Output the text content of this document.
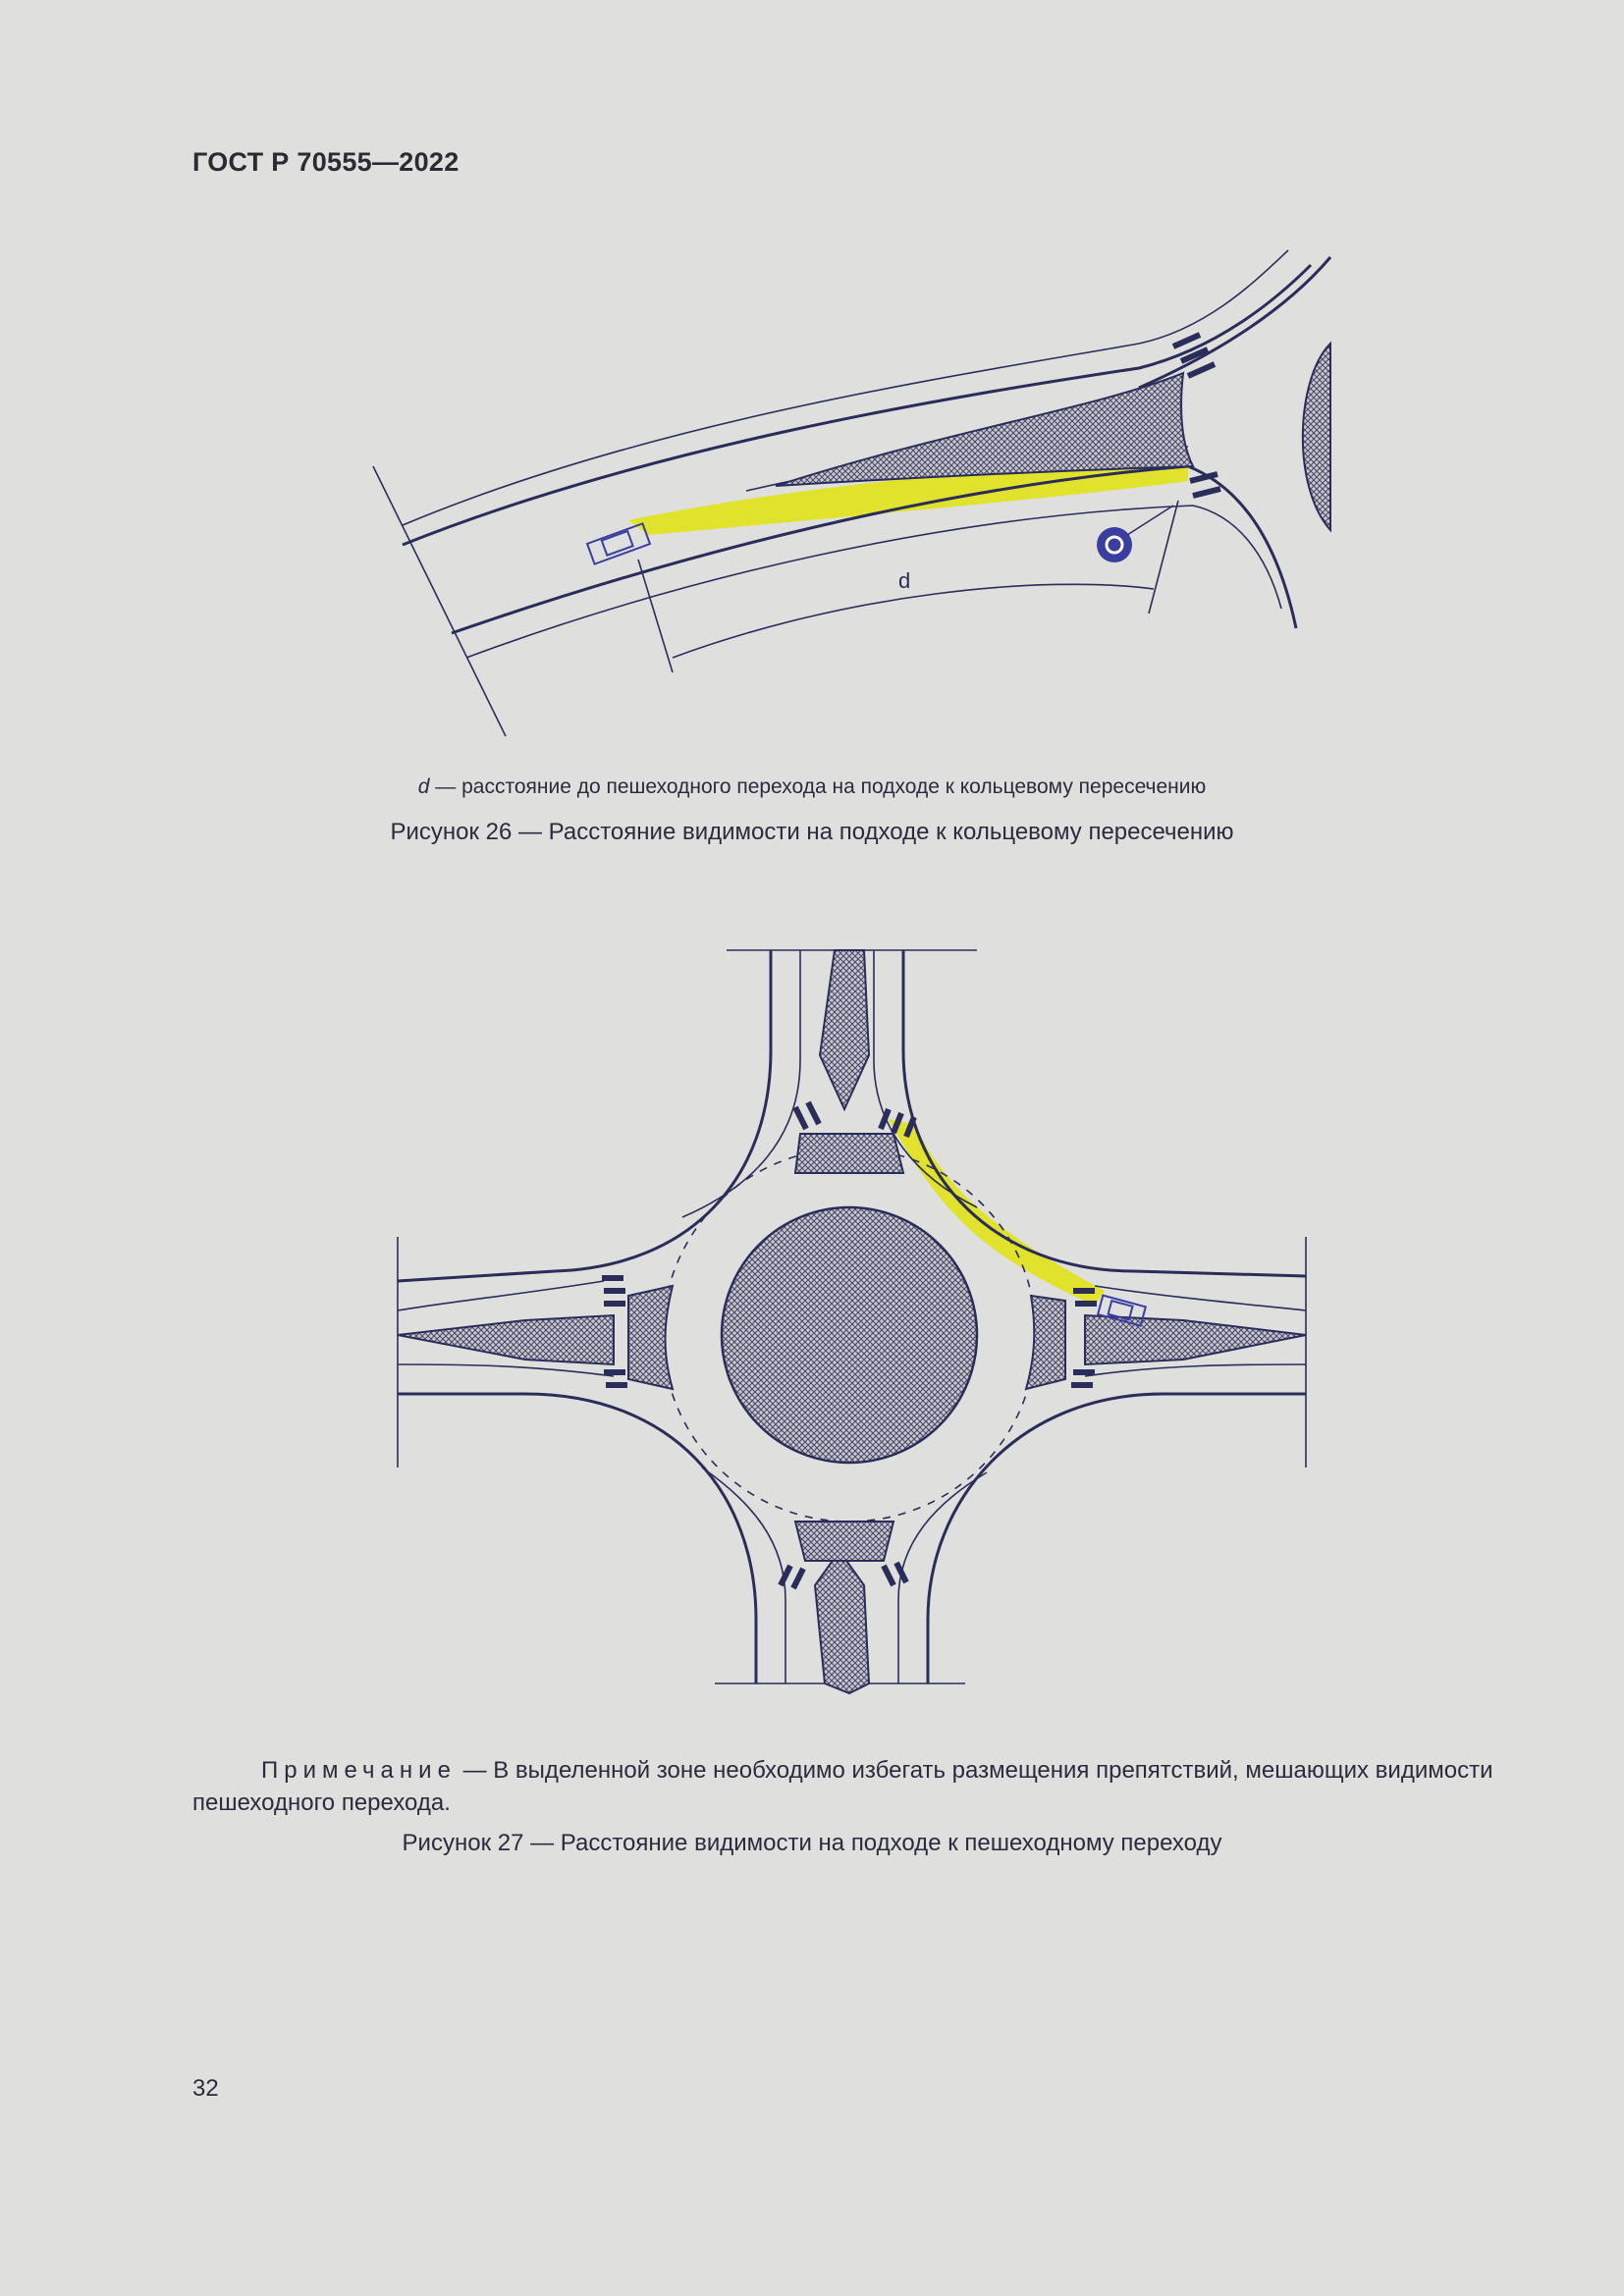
ГОСТ Р 70555—2022
d
d — расстояние до пешеходного перехода на подходе к кольцевому пересечению
Рисунок 26 — Расстояние видимости на подходе к кольцевому пересечению
Примечание — В выделенной зоне необходимо избегать размещения препятствий, мешающих видимости пешеходного перехода.
Рисунок 27 — Расстояние видимости на подходе к пешеходному переходу
32
